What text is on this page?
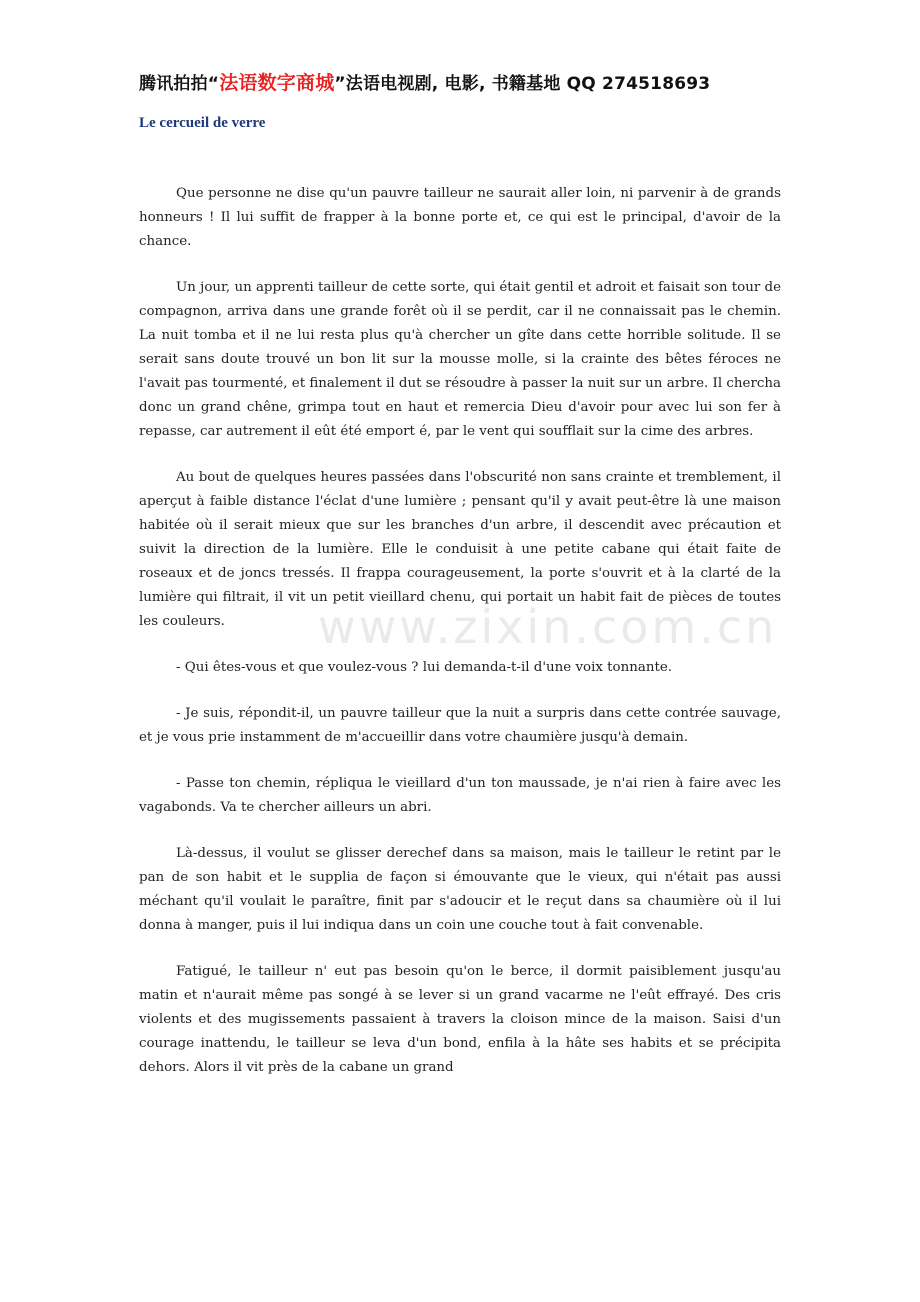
腾讯拍拍“法语数字商城”法语电视剧, 电影, 书籍基地 QQ 274518693
Le cercueil de verre

Que personne ne dise qu'un pauvre tailleur ne saurait aller loin, ni parvenir à de grands honneurs ! Il lui suffit de frapper à la bonne porte et, ce qui est le principal, d'avoir de la chance.

Un jour, un apprenti tailleur de cette sorte, qui était gentil et adroit et faisait son tour de compagnon, arriva dans une grande forêt où il se perdit, car il ne connaissait pas le chemin. La nuit tomba et il ne lui resta plus qu'à chercher un gîte dans cette horrible solitude. Il se serait sans doute trouvé un bon lit sur la mousse molle, si la crainte des bêtes féroces ne l'avait pas tourmenté, et finalement il dut se résoudre à passer la nuit sur un arbre. Il chercha donc un grand chêne, grimpa tout en haut et remercia Dieu d'avoir pour avec lui son fer à repasse, car autrement il eût été emport é, par le vent qui soufflait sur la cime des arbres.

Au bout de quelques heures passées dans l'obscurité non sans crainte et tremblement, il aperçut à faible distance l'éclat d'une lumière ; pensant qu'il y avait peut-être là une maison habitée où il serait mieux que sur les branches d'un arbre, il descendit avec précaution et suivit la direction de la lumière. Elle le conduisit à une petite cabane qui était faite de roseaux et de joncs tressés. Il frappa courageusement, la porte s'ouvrit et à la clarté de la lumière qui filtrait, il vit un petit vieillard chenu, qui portait un habit fait de pièces de toutes les couleurs.

- Qui êtes-vous et que voulez-vous ? lui demanda-t-il d'une voix tonnante.

- Je suis, répondit-il, un pauvre tailleur que la nuit a surpris dans cette contrée sauvage, et je vous prie instamment de m'accueillir dans votre chaumière jusqu'à demain.

- Passe ton chemin, répliqua le vieillard d'un ton maussade, je n'ai rien à faire avec les vagabonds. Va te chercher ailleurs un abri.

Là-dessus, il voulut se glisser derechef dans sa maison, mais le tailleur le retint par le pan de son habit et le supplia de façon si émouvante que le vieux, qui n'était pas aussi méchant qu'il voulait le paraître, finit par s'adoucir et le reçut dans sa chaumière où il lui donna à manger, puis il lui indiqua dans un coin une couche tout à fait convenable.

Fatigué, le tailleur n' eut pas besoin qu'on le berce, il dormit paisiblement jusqu'au matin et n'aurait même pas songé à se lever si un grand vacarme ne l'eût effrayé. Des cris violents et des mugissements passaient à travers la cloison mince de la maison. Saisi d'un courage inattendu, le tailleur se leva d'un bond, enfila à la hâte ses habits et se précipita dehors. Alors il vit près de la cabane un grand

www.zixin.com.cn
